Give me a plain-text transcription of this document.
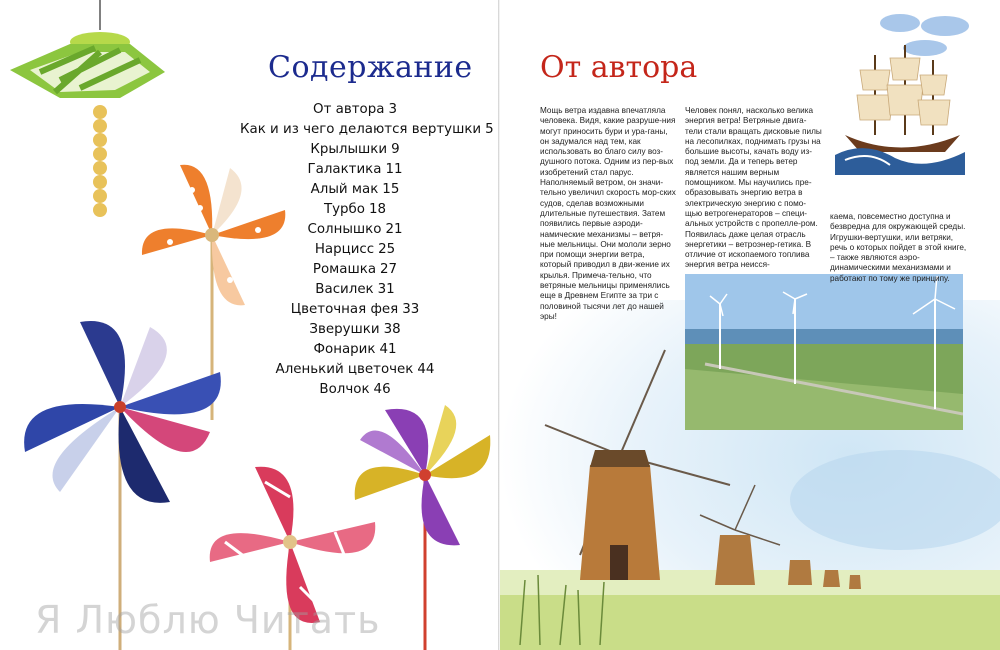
Содержание
От автора 3
Как и из чего делаются вертушки 5
Крылышки 9
Галактика 11
Алый мак 15
Турбо 18
Солнышко 21
Нарцисс 25
Ромашка 27
Василек 31
Цветочная фея 33
Зверушки 38
Фонарик 41
Аленький цветочек 44
Волчок 46
От автора

Мощь ветра издавна впечатляла человека. Видя, какие разруше-ния могут приносить бури и ура-ганы, он задумался над тем, как использовать во благо силу воз-душного потока. Одним из пер-вых изобретений стал парус. Наполняемый ветром, он значи-тельно увеличил скорость мор-ских судов, сделав возможными длительные путешествия. Затем появились первые аэроди-намические механизмы – ветря-ные мельницы. Они мололи зерно при помощи энергии ветра, который приводил в дви-жение их крылья. Примеча-тельно, что ветряные мельницы применялись еще в Древнем Египте за три с половиной тысячи лет до нашей эры!

Человек понял, насколько велика энергия ветра! Ветряные двига-тели стали вращать дисковые пилы на лесопилках, поднимать грузы на большие высоты, качать воду из-под земли. Да и теперь ветер является нашим верным помощником. Мы научились пре-образовывать энергию ветра в электрическую энергию с помо-щью ветрогенераторов – специ-альных устройств с пропелле-ром. Появилась даже целая отрасль энергетики – ветроэнер-гетика. В отличие от ископаемого топлива энергия ветра неисся-

каема, повсеместно доступна и безвредна для окружающей среды. Игрушки-вертушки, или ветряки, речь о которых пойдет в этой книге, – также являются аэро-динамическими механизмами и работают по тому же принципу.

Я Люблю Читать
